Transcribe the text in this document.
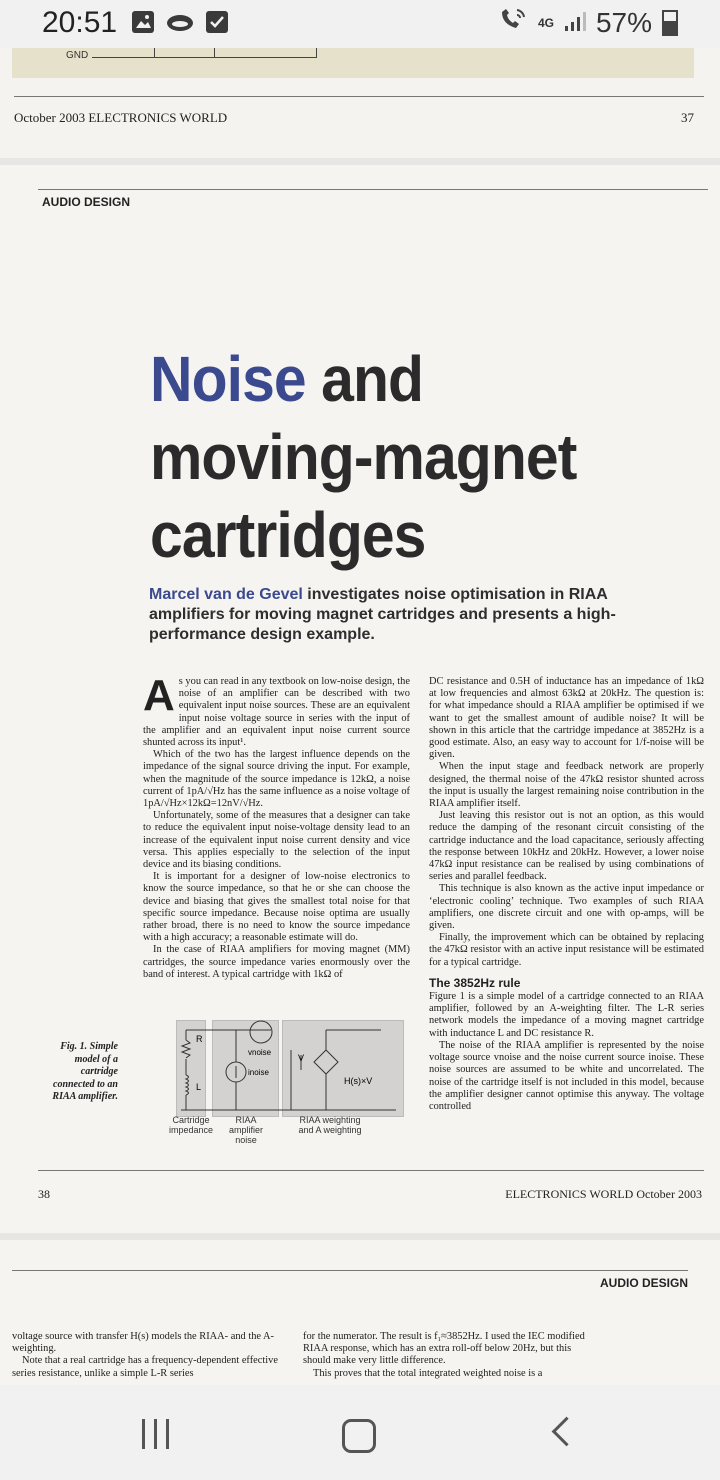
20:51	4G 57%
GND
October 2003 ELECTRONICS WORLD	37
AUDIO DESIGN
Noise and
moving-magnet
cartridges
Marcel van de Gevel investigates noise optimisation in RIAA amplifiers for moving magnet cartridges and presents a high-performance design example.
A s you can read in any textbook on low-noise design, the noise of an amplifier can be described with two equivalent input noise sources. These are an equivalent input noise voltage source in series with the input of the amplifier and an equivalent input noise current source shunted across its input¹.

Which of the two has the largest influence depends on the impedance of the signal source driving the input. For example, when the magnitude of the source impedance is 12kΩ, a noise current of 1pA/√Hz has the same influence as a noise voltage of 1pA/√Hz×12kΩ=12nV/√Hz.

Unfortunately, some of the measures that a designer can take to reduce the equivalent input noise-voltage density lead to an increase of the equivalent input noise current density and vice versa. This applies especially to the selection of the input device and its biasing conditions.

It is important for a designer of low-noise electronics to know the source impedance, so that he or she can choose the device and biasing that gives the smallest total noise for that specific source impedance. Because noise optima are usually rather broad, there is no need to know the source impedance with a high accuracy; a reasonable estimate will do.

In the case of RIAA amplifiers for moving magnet (MM) cartridges, the source impedance varies enormously over the band of interest. A typical cartridge with 1kΩ of

DC resistance and 0.5H of inductance has an impedance of 1kΩ at low frequencies and almost 63kΩ at 20kHz. The question is: for what impedance should a RIAA amplifier be optimised if we want to get the smallest amount of audible noise? It will be shown in this article that the cartridge impedance at 3852Hz is a good estimate. Also, an easy way to account for 1/f-noise will be given.

When the input stage and feedback network are properly designed, the thermal noise of the 47kΩ resistor shunted across the input is usually the largest remaining noise contribution in the RIAA amplifier itself.

Just leaving this resistor out is not an option, as this would reduce the damping of the resonant circuit consisting of the cartridge inductance and the load capacitance, seriously affecting the response between 10kHz and 20kHz. However, a lower noise 47kΩ input resistance can be realised by using combinations of series and parallel feedback.

This technique is also known as the active input impedance or ‘electronic cooling’ technique. Two examples of such RIAA amplifiers, one discrete circuit and one with op-amps, will be given.

Finally, the improvement which can be obtained by replacing the 47kΩ resistor with an active input resistance will be estimated for a typical cartridge.

The 3852Hz rule

Figure 1 is a simple model of a cartridge connected to an RIAA amplifier, followed by an A-weighting filter. The L-R series network models the impedance of a moving magnet cartridge with inductance L and DC resistance R.

The noise of the RIAA amplifier is represented by the noise voltage source vnoise and the noise current source inoise. These noise sources are assumed to be white and uncorrelated. The noise of the cartridge itself is not included in this model, because the amplifier designer cannot optimise this anyway. The voltage controlled

Fig. 1. Simple model of a cartridge connected to an RIAA amplifier.
R
L
vnoise
inoise
V
H(s)×V
Cartridge impedance
RIAA amplifier noise
RIAA weighting and A weighting
38	ELECTRONICS WORLD October 2003
AUDIO DESIGN

voltage source with transfer H(s) models the RIAA- and the A-weighting.

Note that a real cartridge has a frequency-dependent effective series resistance, unlike a simple L-R series

for the numerator. The result is f₁≈3852Hz. I used the IEC modified RIAA response, which has an extra roll-off below 20Hz, but this should make very little difference.

This proves that the total integrated weighted noise is a
